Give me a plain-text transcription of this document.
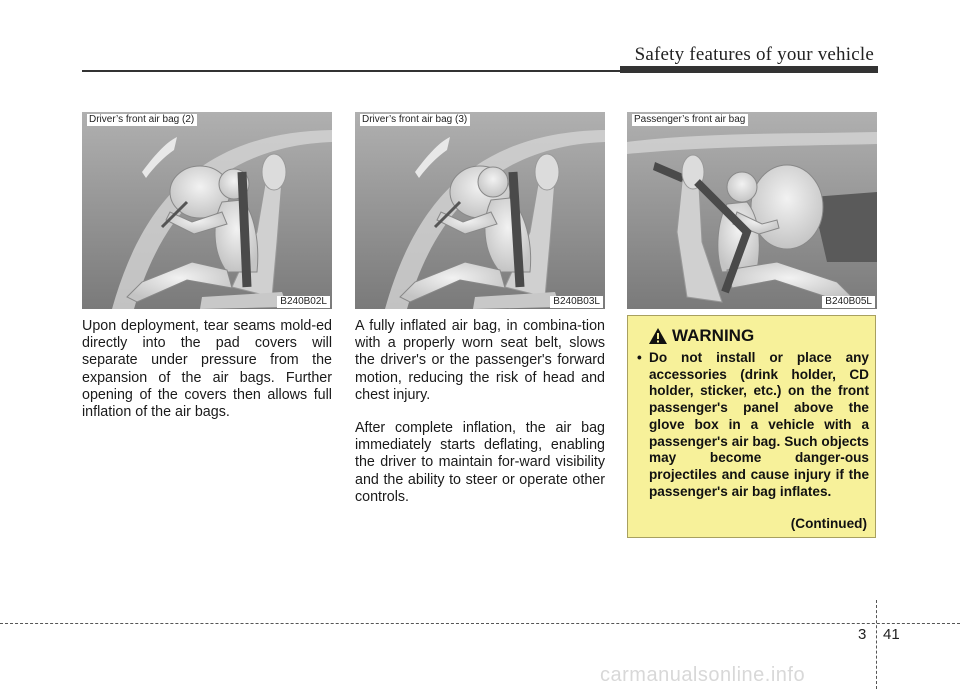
Safety features of your vehicle
Driver’s front air bag (2)
B240B02L
Driver’s front air bag (3)
B240B03L
Passenger’s front air bag
B240B05L

Upon deployment, tear seams mold-ed directly into the pad covers will separate under pressure from the expansion of the air bags. Further opening of the covers then allows full inflation of the air bags.

A fully inflated air bag, in combina-tion with a properly worn seat belt, slows the driver's or the passenger's forward motion, reducing the risk of head and chest injury.

After complete inflation, the air bag immediately starts deflating, enabling the driver to maintain for-ward visibility and the ability to steer or operate other controls.

WARNING
• Do not install or place any accessories (drink holder, CD holder, sticker, etc.) on the front passenger's panel above the glove box in a vehicle with a passenger's air bag. Such objects may become danger-ous projectiles and cause injury if the passenger's air bag inflates.
(Continued)
3 41
carmanualsonline.info
